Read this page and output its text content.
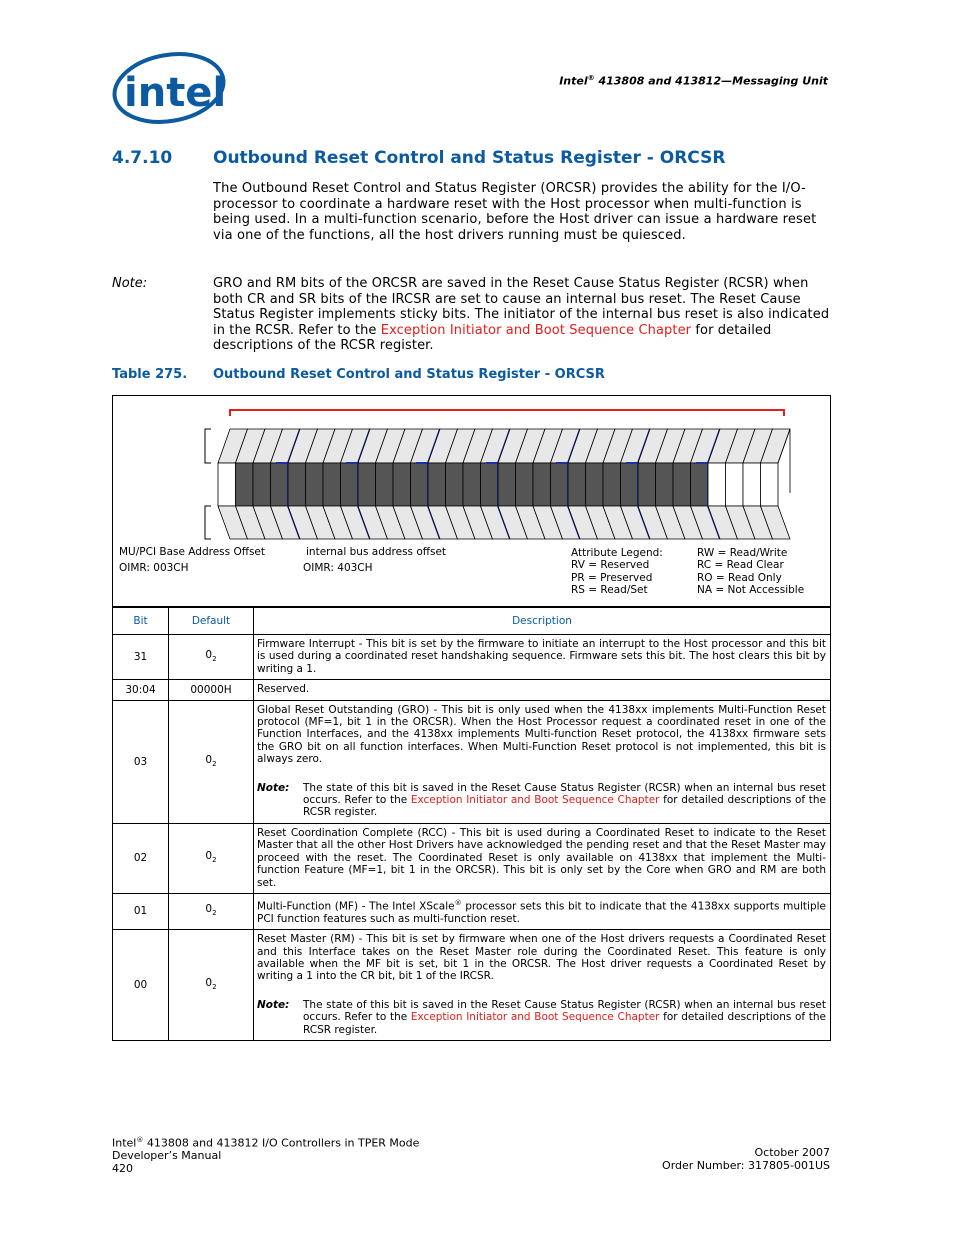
intel	Intel® 413808 and 413812—Messaging Unit
4.7.10 Outbound Reset Control and Status Register - ORCSR
The Outbound Reset Control and Status Register (ORCSR) provides the ability for the I/O-processor to coordinate a hardware reset with the Host processor when multi-function is being used. In a multi-function scenario, before the Host driver can issue a hardware reset via one of the functions, all the host drivers running must be quiesced.
Note:	GRO and RM bits of the ORCSR are saved in the Reset Cause Status Register (RCSR) when both CR and SR bits of the IRCSR are set to cause an internal bus reset. The Reset Cause Status Register implements sticky bits. The initiator of the internal bus reset is also indicated in the RCSR. Refer to the Exception Initiator and Boot Sequence Chapter for detailed descriptions of the RCSR register.
Table 275. Outbound Reset Control and Status Register - ORCSR
MU/PCI Base Address Offset
OIMR: 003CH
internal bus address offset
OIMR: 403CH
Attribute Legend:
RV = Reserved
PR = Preserved
RS = Read/Set
RW = Read/Write
RC = Read Clear
RO = Read Only
NA = Not Accessible
Bit	Default	Description
31	$0_2$	Firmware Interrupt - This bit is set by the firmware to initiate an interrupt to the Host processor and this bit is used during a coordinated reset handshaking sequence. Firmware sets this bit. The host clears this bit by writing a 1.
30:04	00000H	Reserved.
03	$0_2$	Global Reset Outstanding (GRO) - This bit is only used when the 4138xx implements Multi-Function Reset protocol (MF=1, bit 1 in the ORCSR). When the Host Processor request a coordinated reset in one of the Function Interfaces, and the 4138xx implements Multi-function Reset protocol, the 4138xx firmware sets the GRO bit on all function interfaces. When Multi-Function Reset protocol is not implemented, this bit is always zero.
Note: The state of this bit is saved in the Reset Cause Status Register (RCSR) when an internal bus reset occurs. Refer to the Exception Initiator and Boot Sequence Chapter for detailed descriptions of the RCSR register.

02	$0_2$	Reset Coordination Complete (RCC) - This bit is used during a Coordinated Reset to indicate to the Reset Master that all the other Host Drivers have acknowledged the pending reset and that the Reset Master may proceed with the reset. The Coordinated Reset is only available on 4138xx that implement the Multi-function Feature (MF=1, bit 1 in the ORCSR). This bit is only set by the Core when GRO and RM are both set.
01	$0_2$	Multi-Function (MF) - The Intel XScale® processor sets this bit to indicate that the 4138xx supports multiple PCI function features such as multi-function reset.
00	$0_2$	Reset Master (RM) - This bit is set by firmware when one of the Host drivers requests a Coordinated Reset and this Interface takes on the Reset Master role during the Coordinated Reset. This feature is only available when the MF bit is set, bit 1 in the ORCSR. The Host driver requests a Coordinated Reset by writing a 1 into the CR bit, bit 1 of the IRCSR.
Note: The state of this bit is saved in the Reset Cause Status Register (RCSR) when an internal bus reset occurs. Refer to the Exception Initiator and Boot Sequence Chapter for detailed descriptions of the RCSR register.
Intel® 413808 and 413812 I/O Controllers in TPER Mode
Developer’s Manual
420
October 2007
Order Number: 317805-001US
